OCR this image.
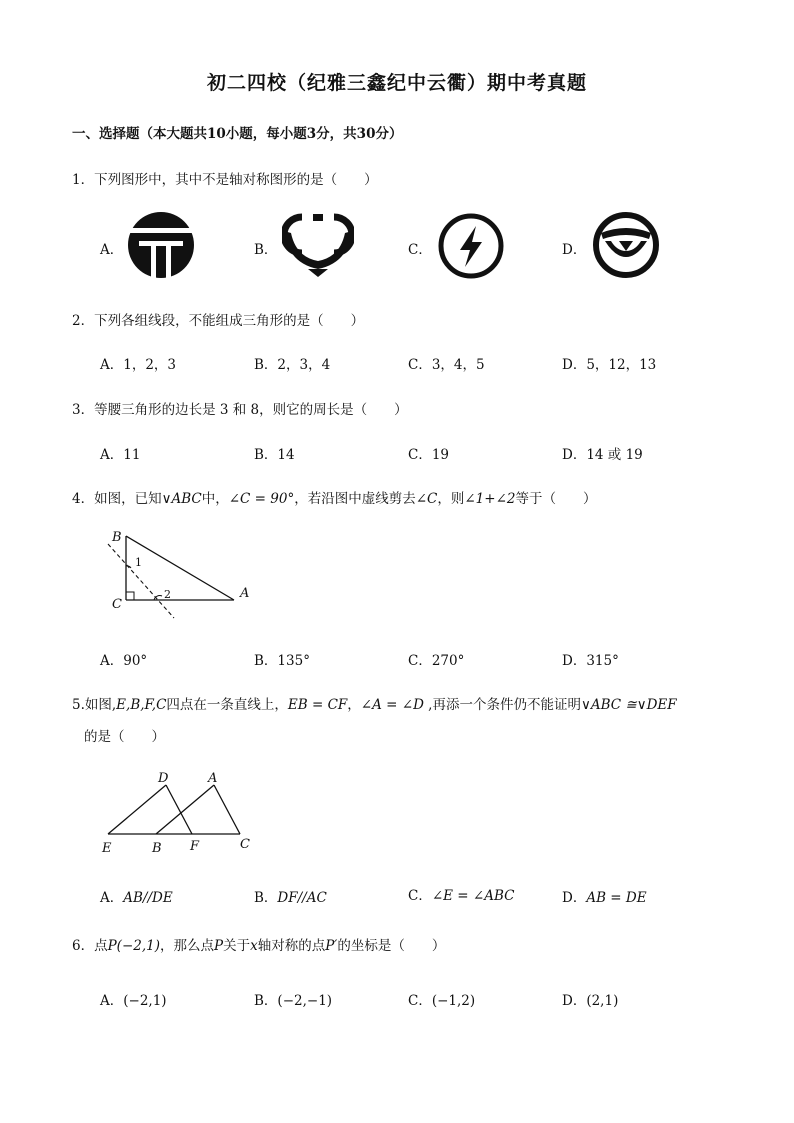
初二四校（纪雅三鑫纪中云衢）期中考真题
一、选择题（本大题共10小题，每小题3分，共30分）
1．下列图形中，其中不是轴对称图形的是（　　）
A．	B．	C．	D．
2．下列各组线段，不能组成三角形的是（　　）
A．1，2，3	B．2，3，4	C．3，4，5	D．5，12，13
3．等腰三角形的边长是 3 和 8，则它的周长是（　　）
A．11	B．14	C．19	D．14 或 19
4．如图，已知∨ABC中，∠C = 90°，若沿图中虚线剪去∠C，则∠1+∠2等于（　　）
B
C
A
1
2
A．90°	B．135°	C．270°	D．315°
5.如图,E,B,F,C四点在一条直线上，EB = CF，∠A = ∠D ,再添一个条件仍不能证明∨ABC ≅∨DEF
的是（　　）
D	A
E	B F	C
A．AB//DE	B．DF//AC	C．∠E = ∠ABC	D．AB = DE
6．点P(−2,1)，那么点P关于x轴对称的点P′的坐标是（　　）
A．(−2,1)	B．(−2,−1)	C．(−1,2)	D．(2,1)
